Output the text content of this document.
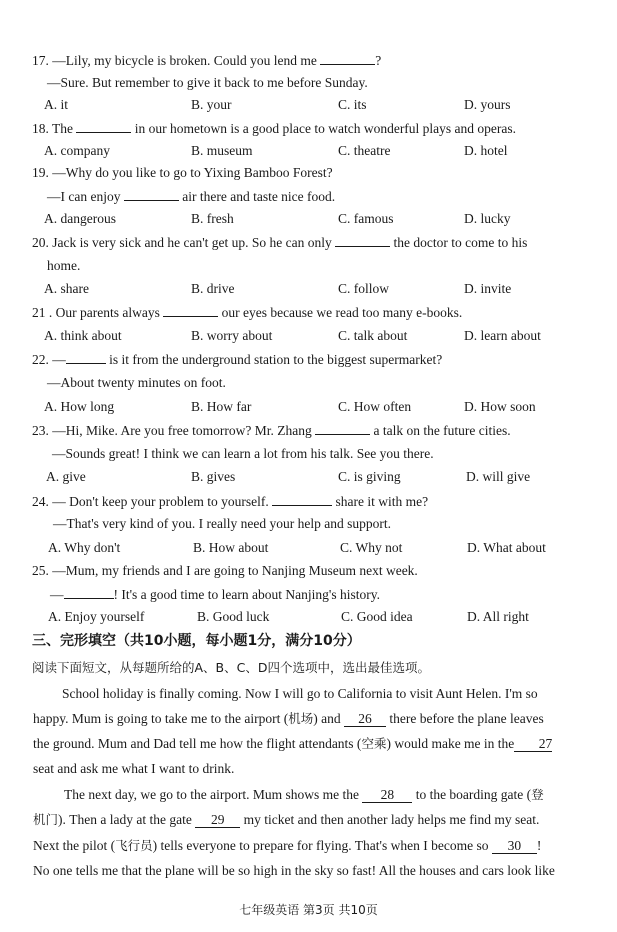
17. —Lily, my bicycle is broken. Could you lend me	?
—Sure. But remember to give it back to me before Sunday.
A. it	B. your	C. its	D. yours
18. The	in our hometown is a good place to watch wonderful plays and operas.
A. company	B. museum	C. theatre	D. hotel
19. —Why do you like to go to Yixing Bamboo Forest?
—I can enjoy	air there and taste nice food.
A. dangerous	B. fresh	C. famous	D. lucky
20. Jack is very sick and he can't get up. So he can only	the doctor to come to his
home.
A. share	B. drive	C. follow	D. invite
21 . Our parents always	our eyes because we read too many e-books.
A. think about	B. worry about	C. talk about	D. learn about
22. —	is it from the underground station to the biggest supermarket?
—About twenty minutes on foot.
A. How long	B. How far	C. How often	D. How soon
23. —Hi, Mike. Are you free tomorrow? Mr. Zhang	a talk on the future cities.
—Sounds great! I think we can learn a lot from his talk. See you there.
A. give	B. gives	C. is giving	D. will give
24. — Don't keep your problem to yourself.	share it with me?
—That's very kind of you. I really need your help and support.
A. Why don't	B. How about	C. Why not	D. What about
25. —Mum, my friends and I are going to Nanjing Museum next week.
—	! It's a good time to learn about Nanjing's history.
A. Enjoy yourself	B. Good luck	C. Good idea	D. All right
三、完形填空（共10小题，每小题1分，满分10分）
阅读下面短文，从每题所给的A、B、C、D四个选项中，选出最佳选项。
School holiday is finally coming. Now I will go to California to visit Aunt Helen. I'm so
happy. Mum is going to take me to the airport (机场) and 26 there before the plane leaves
the ground. Mum and Dad tell me how the flight attendants (空乘) would make me in the 27
seat and ask me what I want to drink.
The next day, we go to the airport. Mum shows me the 28 to the boarding gate (登
机门). Then a lady at the gate 29 my ticket and then another lady helps me find my seat.
Next the pilot (飞行员) tells everyone to prepare for flying. That's when I become so 30 !
No one tells me that the plane will be so high in the sky so fast! All the houses and cars look like
七年级英语 第3页 共10页
